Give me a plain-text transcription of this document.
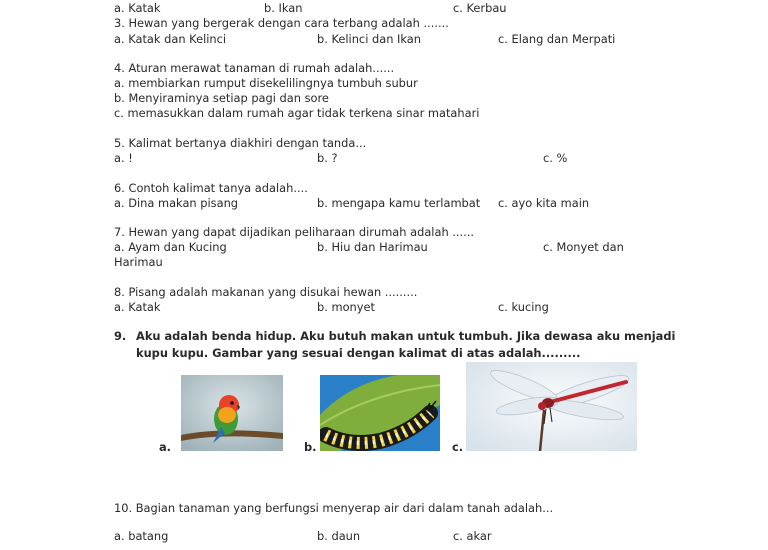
a. Katak	b. Ikan	c. Kerbau
3. Hewan yang bergerak dengan cara terbang adalah .......
a. Katak dan Kelinci	b. Kelinci dan Ikan	c. Elang dan Merpati
4. Aturan merawat tanaman di rumah adalah......
a. membiarkan rumput disekelilingnya tumbuh subur
b. Menyiraminya setiap pagi dan sore
c. memasukkan dalam rumah agar tidak terkena sinar matahari
5. Kalimat bertanya diakhiri dengan tanda...
a. !	b. ?	c. %
6. Contoh kalimat tanya adalah....
a. Dina makan pisang	b. mengapa kamu terlambat c. ayo kita main
7. Hewan yang dapat dijadikan peliharaan dirumah adalah ......
a. Ayam dan Kucing	b. Hiu dan Harimau	c. Monyet dan
Harimau
8. Pisang adalah makanan yang disukai hewan .........
a. Katak	b. monyet	c. kucing
9. Aku adalah benda hidup. Aku butuh makan untuk tumbuh. Jika dewasa aku menjadi
kupu kupu. Gambar yang sesuai dengan kalimat di atas adalah.........
a.	b.	c.
10. Bagian tanaman yang berfungsi menyerap air dari dalam tanah adalah...
a. batang	b. daun	c. akar
